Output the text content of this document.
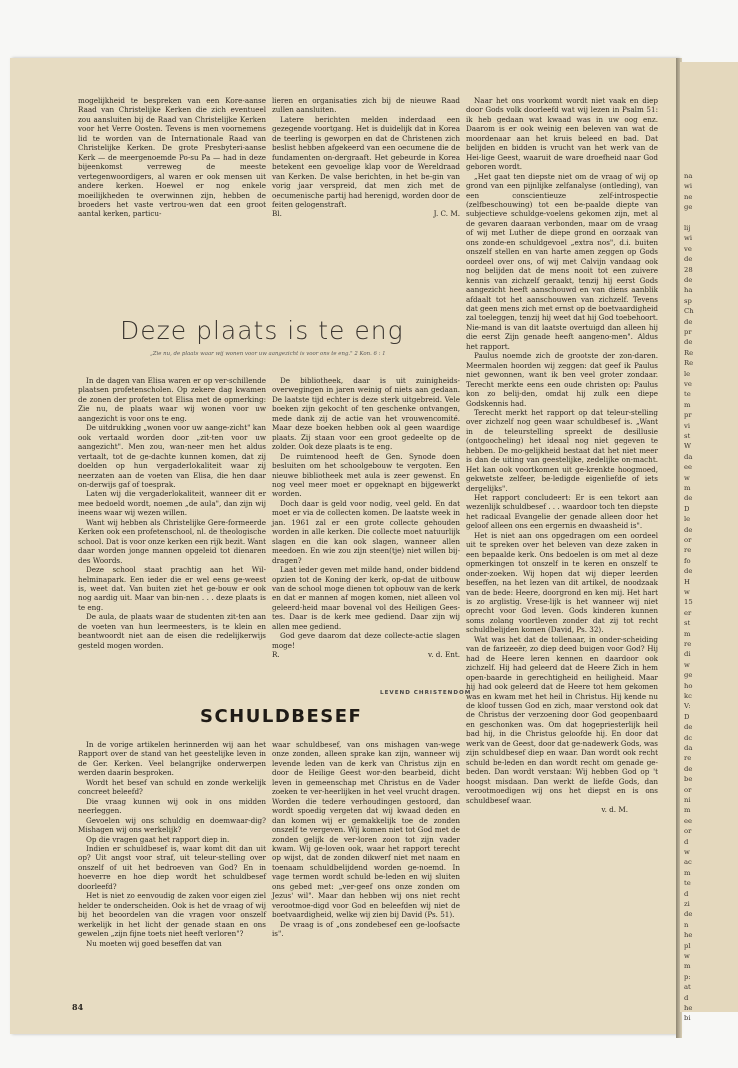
mogelijkheid te bespreken van een Kore-aanse Raad van Christelijke Kerken die zich eventueel zou aansluiten bij de Raad van Christelijke Kerken voor het Verre Oosten. Tevens is men voornemens lid te worden van de Internationale Raad van Christelijke Kerken. De grote Presbyteri-aanse Kerk — de meergenoemde Po-su Pa — had in deze bijeenkomst verreweg de meeste vertegenwoordigers, al waren er ook mensen uit andere kerken. Hoewel er nog enkele moeilijkheden te overwinnen zijn, hebben de broeders het vaste vertrou-wen dat een groot aantal kerken, particu-

lieren en organisaties zich bij de nieuwe Raad zullen aansluiten.

Latere berichten melden inderdaad een gezegende voortgang. Het is duidelijk dat in Korea de teerling is geworpen en dat de Christenen zich beslist hebben afgekeerd van een oecumene die de fundamenten on-dergraaft. Het gebeurde in Korea betekent een gevoelige klap voor de Wereldraad van Kerken. De valse berichten, in het be-gin van vorig jaar verspreid, dat men zich met de oecumenische partij had herenigd, worden door de feiten gelogenstraft.

Bl.	J. C. M.

Deze plaats is te eng
„Zie nu, de plaats waar wij wonen voor uw aangezicht is voor ons te eng." 2 Kon. 6 : 1

In de dagen van Elisa waren er op ver-schillende plaatsen profetenscholen. Op zekere dag kwamen de zonen der profeten tot Elisa met de opmerking: Zie nu, de plaats waar wij wonen voor uw aangezicht is voor ons te eng.

De uitdrukking „wonen voor uw aange-zicht" kan ook vertaald worden door „zit-ten voor uw aangezicht". Men zou, wan-neer men het aldus vertaalt, tot de ge-dachte kunnen komen, dat zij doelden op hun vergaderlokaliteit waar zij neerzaten aan de voeten van Elisa, die hen daar on-derwijs gaf of toesprak.

Laten wij die vergaderlokaliteit, wanneer dit er mee bedoeld wordt, noemen „de aula", dan zijn wij ineens waar wij wezen willen.

Want wij hebben als Christelijke Gere-formeerde Kerken ook een profetenschool, nl. de theologische school. Dat is voor onze kerken een rijk bezit. Want daar worden jonge mannen opgeleid tot dienaren des Woords.

Deze school staat prachtig aan het Wil-helminapark. Een ieder die er wel eens ge-weest is, weet dat. Van buiten ziet het ge-bouw er ook nog aardig uit. Maar van bin-nen . . . deze plaats is te eng.

De aula, de plaats waar de studenten zit-ten aan de voeten van hun leermeesters, is te klein en beantwoordt niet aan de eisen die redelijkerwijs gesteld mogen worden.

De bibliotheek, daar is uit zuinigheids-overwegingen in jaren weinig of niets aan gedaan. De laatste tijd echter is deze sterk uitgebreid. Vele boeken zijn gekocht of ten geschenke ontvangen, mede dank zij de actie van het vrouwencomité. Maar deze boeken hebben ook al geen waardige plaats. Zij staan voor een groot gedeelte op de zolder. Ook deze plaats is te eng.

De ruimtenood heeft de Gen. Synode doen besluiten om het schoolgebouw te vergoten. Een nieuwe bibliotheek met aula is zeer gewenst. En nog veel meer moet er opgeknapt en bijgewerkt worden.

Doch daar is geld voor nodig, veel geld. En dat moet er via de collecten komen. De laatste week in jan. 1961 zal er een grote collecte gehouden worden in alle kerken. Die collecte moet natuurlijk slagen en die kan ook slagen, wanneer allen meedoen. En wie zou zijn steen(tje) niet willen bij-dragen?

Laat ieder geven met milde hand, onder biddend opzien tot de Koning der kerk, op-dat de uitbouw van de school moge dienen tot opbouw van de kerk en dat er mannen af mogen komen, niet alleen vol geleerd-heid maar bovenal vol des Heiligen Gees-tes. Daar is de kerk mee gediend. Daar zijn wij allen mee gediend.

God geve daarom dat deze collecte-actie slagen moge!

R.	v. d. Ent.

LEVEND CHRISTENDOM
SCHULDBESEF

In de vorige artikelen herinnerden wij aan het Rapport over de stand van het geestelijke leven in de Ger. Kerken. Veel belangrijke onderwerpen werden daarin besproken.

Wordt het besef van schuld en zonde werkelijk concreet beleefd?

Die vraag kunnen wij ook in ons midden neerleggen.

Gevoelen wij ons schuldig en doemwaar-dig? Mishagen wij ons werkelijk?

Op die vragen gaat het rapport diep in.

Indien er schuldbesef is, waar komt dit dan uit op? Uit angst voor straf, uit teleur-stelling over onszelf of uit het bedroeven van God? En in hoeverre en hoe diep wordt het schuldbesef doorleefd?

Het is niet zo eenvoudig de zaken voor eigen ziel helder te onderscheiden. Ook is het de vraag of wij bij het beoordelen van die vragen voor onszelf werkelijk in het licht der genade staan en ons gewelen „zijn fijne toets niet heeft verloren"?

Nu moeten wij goed beseffen dat van

waar schuldbesef, van ons mishagen van-wege onze zonden, alleen sprake kan zijn, wanneer wij levende leden van de kerk van Christus zijn en door de Heilige Geest wor-den bearbeid, dicht leven in gemeenschap met Christus en de Vader zoeken te ver-heerlijken in het veel vrucht dragen. Worden die tedere verhoudingen gestoord, dan wordt spoedig vergeten dat wij kwaad deden en dan komen wij er gemakkelijk toe de zonden onszelf te vergeven. Wij komen niet tot God met de zonden gelijk de ver-loren zoon tot zijn vader kwam. Wij ge-loven ook, waar het rapport terecht op wijst, dat de zonden dikwerf niet met naam en toenaam schuldbelijdend worden ge-noemd. In vage termen wordt schuld be-leden en wij sluiten ons gebed met: „ver-geef ons onze zonden om Jezus' wil". Maar dan hebben wij ons niet recht verootmoe-digd voor God en beleefden wij niet de boetvaardigheid, welke wij zien bij David (Ps. 51).

De vraag is of „ons zondebesef een ge-loofsacte is".

Naar het ons voorkomt wordt niet vaak en diep door Gods volk doorleefd wat wij lezen in Psalm 51: ik heb gedaan wat kwaad was in uw oog enz. Daarom is er ook weinig een beleven van wat de moordenaar aan het kruis beleed en bad. Dat belijden en bidden is vrucht van het werk van de Hei-lige Geest, waaruit de ware droefheid naar God geboren wordt.

„Het gaat ten diepste niet om de vraag of wij op grond van een pijnlijke zelfanalyse (ontleding), van een conscientieuze zelf-introspectie (zelfbeschouwing) tot een be-paalde diepte van subjectieve schuldge-voelens gekomen zijn, met al de gevaren daaraan verbonden, maar om de vraag of wij met Luther de diepe grond en oorzaak van ons zonde-en schuldgevoel „extra nos", d.i. buiten onszelf stellen en van harte amen zeggen op Gods oordeel over ons, of wij met Calvijn vandaag ook nog belijden dat de mens nooit tot een zuivere kennis van zichzelf geraakt, tenzij hij eerst Gods aangezicht heeft aanschouwd en van diens aanblik afdaalt tot het aanschouwen van zichzelf. Tevens dat geen mens zich met ernst op de boetvaardigheid zal toeleggen, tenzij hij weet dat hij God toebehoort. Nie-mand is van dit laatste overtuigd dan alleen hij die eerst Zijn genade heeft aangeno-men". Aldus het rapport.

Paulus noemde zich de grootste der zon-daren. Meermalen hoorden wij zeggen: dat geef ik Paulus niet gewonnen, want ik ben veel groter zondaar. Terecht merkte eens een oude christen op: Paulus kon zo belij-den, omdat hij zulk een diepe Godskennis had.

Terecht merkt het rapport op dat teleur-stelling over zichzelf nog geen waar schuldbesef is. „Want in de teleurstelling spreekt de desillusie (ontgoocheling) het ideaal nog niet gegeven te hebben. De mo-gelijkheid bestaat dat het niet meer is dan de uiting van geestelijke, zedelijke on-macht. Het kan ook voortkomen uit ge-krenkte hoogmoed, gekwetste zelfeer, be-ledigde eigenliefde of iets dergelijks".

Het rapport concludeert: Er is een tekort aan wezenlijk schuldbesef . . . waardoor toch ten diepste het radicaal Evangelie der genade alleen door het geloof alleen ons een ergernis en dwaasheid is".

Het is niet aan ons opgedragen om een oordeel uit te spreken over het beleven van deze zaken in een bepaalde kerk. Ons bedoelen is om met al deze opmerkingen tot onszelf in te keren en onszelf te onder-zoeken. Wij hopen dat wij dieper leerden beseffen, na het lezen van dit artikel, de noodzaak van de bede: Heere, doorgrond en ken mij. Het hart is zo arglistig. Vrese-lijk is het wanneer wij niet oprecht voor God leven. Gods kinderen kunnen soms zolang voortleven zonder dat zij tot recht schuldbelijden komen (David, Ps. 32).

Wat was het dat de tollenaar, in onder-scheiding van de farizeeër, zo diep deed buigen voor God? Hij had de Heere leren kennen en daardoor ook zichzelf. Hij had geleerd dat de Heere Zich in hem open-baarde in gerechtigheid en heiligheid. Maar hij had ook geleerd dat de Heere tot hem gekomen was en kwam met het heil in Christus. Hij kende nu de kloof tussen God en zich, maar verstond ook dat de Christus der verzoening door God geopenbaard en geschonken was. Om dat hogepriesterlijk heil bad hij, in die Christus geloofde hij. En door dat werk van de Geest, door dat ge-nadewerk Gods, was zijn schuldbesef diep en waar. Dan wordt ook recht schuld be-leden en dan wordt recht om genade ge-beden. Dan wordt verstaan: Wij hebben God op 't hoogst misdaan. Dan werkt de liefde Gods, dan verootmoedigen wij ons het diepst en is ons schuldbesef waar.

v. d. M.

84
na
wi
ne
ge
lij
wi
ve
de
28
de
ha
sp
Ch
de
pr
de
Re
Re
le
ve
te
m
pr
vi
st
W
da
ee
w
m
de
D
le
de
or
re
fo
de
H
w
15
er
st
m
re
di
w
ge
ho
kc
V:
D
de
dc
da
re
de
be
or
ni
m
ee
or
d
w
ac
m
te
d
zi
de
n
he
pl
w
m
p:
at
d
he
bi
